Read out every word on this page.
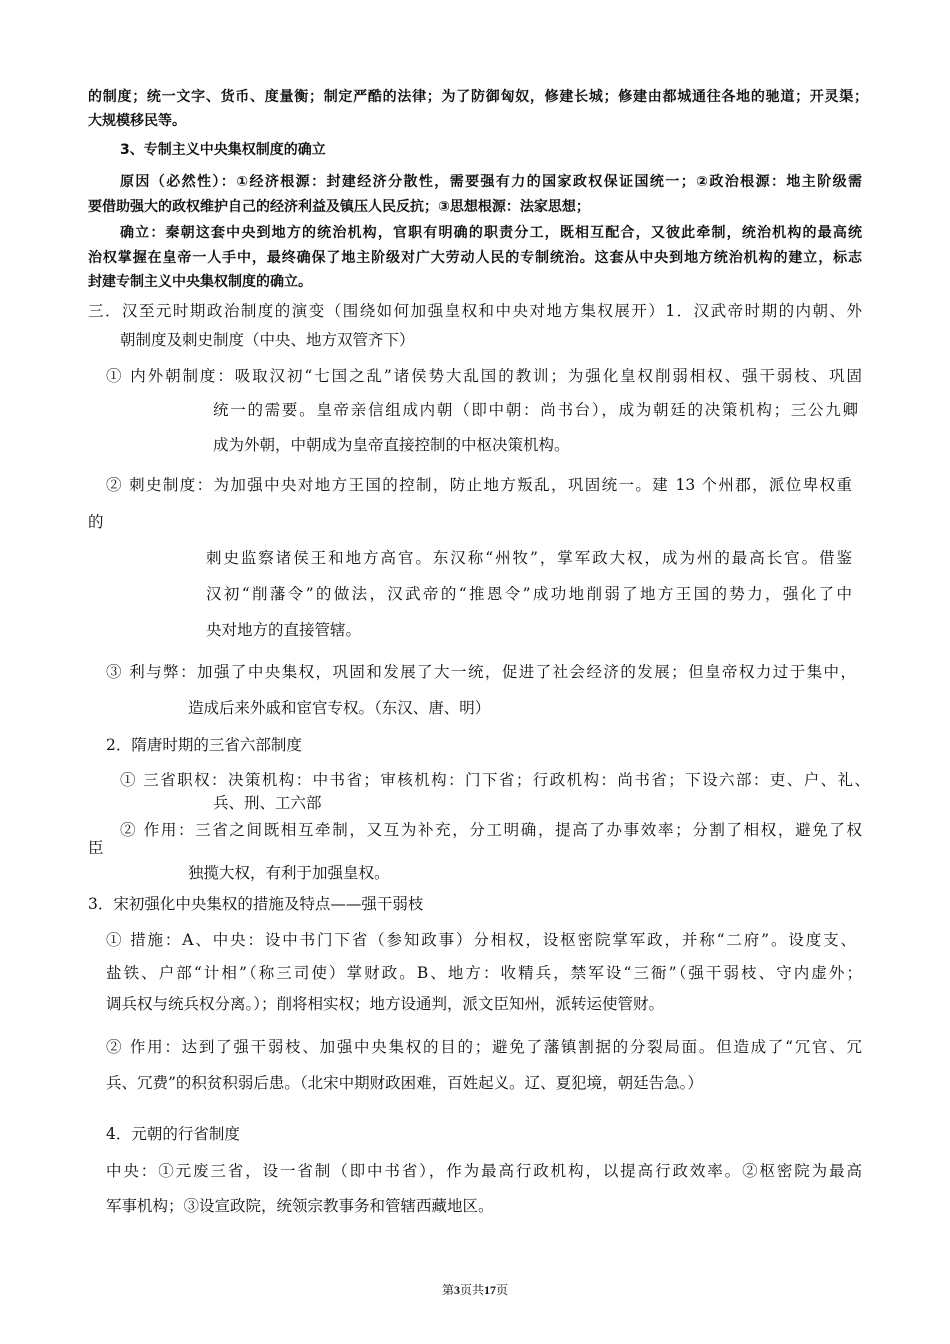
的制度；统一文字、货币、度量衡；制定严酷的法律；为了防御匈奴，修建长城；修建由都城通往各地的驰道；开灵渠；
大规模移民等。
3、专制主义中央集权制度的确立
原因（必然性）：①经济根源：封建经济分散性，需要强有力的国家政权保证国统一；②政治根源：地主阶级需
要借助强大的政权维护自己的经济利益及镇压人民反抗；③思想根源：法家思想；
确立：秦朝这套中央到地方的统治机构，官职有明确的职责分工，既相互配合，又彼此牵制，统治机构的最高统
治权掌握在皇帝一人手中，最终确保了地主阶级对广大劳动人民的专制统治。这套从中央到地方统治机构的建立，标志
封建专制主义中央集权制度的确立。
三．汉至元时期政治制度的演变（围绕如何加强皇权和中央对地方集权展开）1．汉武帝时期的内朝、外
朝制度及刺史制度（中央、地方双管齐下）
① 内外朝制度：吸取汉初“七国之乱”诸侯势大乱国的教训；为强化皇权削弱相权、强干弱枝、巩固
统一的需要。皇帝亲信组成内朝（即中朝：尚书台），成为朝廷的决策机构；三公九卿
成为外朝，中朝成为皇帝直接控制的中枢决策机构。
② 刺史制度：为加强中央对地方王国的控制，防止地方叛乱，巩固统一。建 13 个州郡，派位卑权重
的
刺史监察诸侯王和地方高官。东汉称“州牧”，掌军政大权，成为州的最高长官。借鉴
汉初“削藩令”的做法，汉武帝的“推恩令”成功地削弱了地方王国的势力，强化了中
央对地方的直接管辖。
③ 利与弊：加强了中央集权，巩固和发展了大一统，促进了社会经济的发展；但皇帝权力过于集中，
造成后来外戚和宦官专权。（东汉、唐、明）
2．隋唐时期的三省六部制度
① 三省职权：决策机构：中书省；审核机构：门下省；行政机构：尚书省；下设六部：吏、户、礼、
兵、刑、工六部
② 作用：三省之间既相互牵制，又互为补充，分工明确，提高了办事效率；分割了相权，避免了权
臣
独揽大权，有利于加强皇权。
3．宋初强化中央集权的措施及特点——强干弱枝
① 措施：A、中央：设中书门下省（参知政事）分相权，设枢密院掌军政，并称“二府”。设度支、
盐铁、户部“计相”（称三司使）掌财政。B、地方：收精兵，禁军设“三衙”（强干弱枝、守内虚外；
调兵权与统兵权分离。）；削将相实权；地方设通判，派文臣知州，派转运使管财。
② 作用：达到了强干弱枝、加强中央集权的目的；避免了藩镇割据的分裂局面。但造成了“冗官、冗
兵、冗费”的积贫积弱后患。（北宋中期财政困难，百姓起义。辽、夏犯境，朝廷告急。）
4．元朝的行省制度
中央：①元废三省，设一省制（即中书省），作为最高行政机构，以提高行政效率。②枢密院为最高
军事机构；③设宣政院，统领宗教事务和管辖西藏地区。
第3页共17页
